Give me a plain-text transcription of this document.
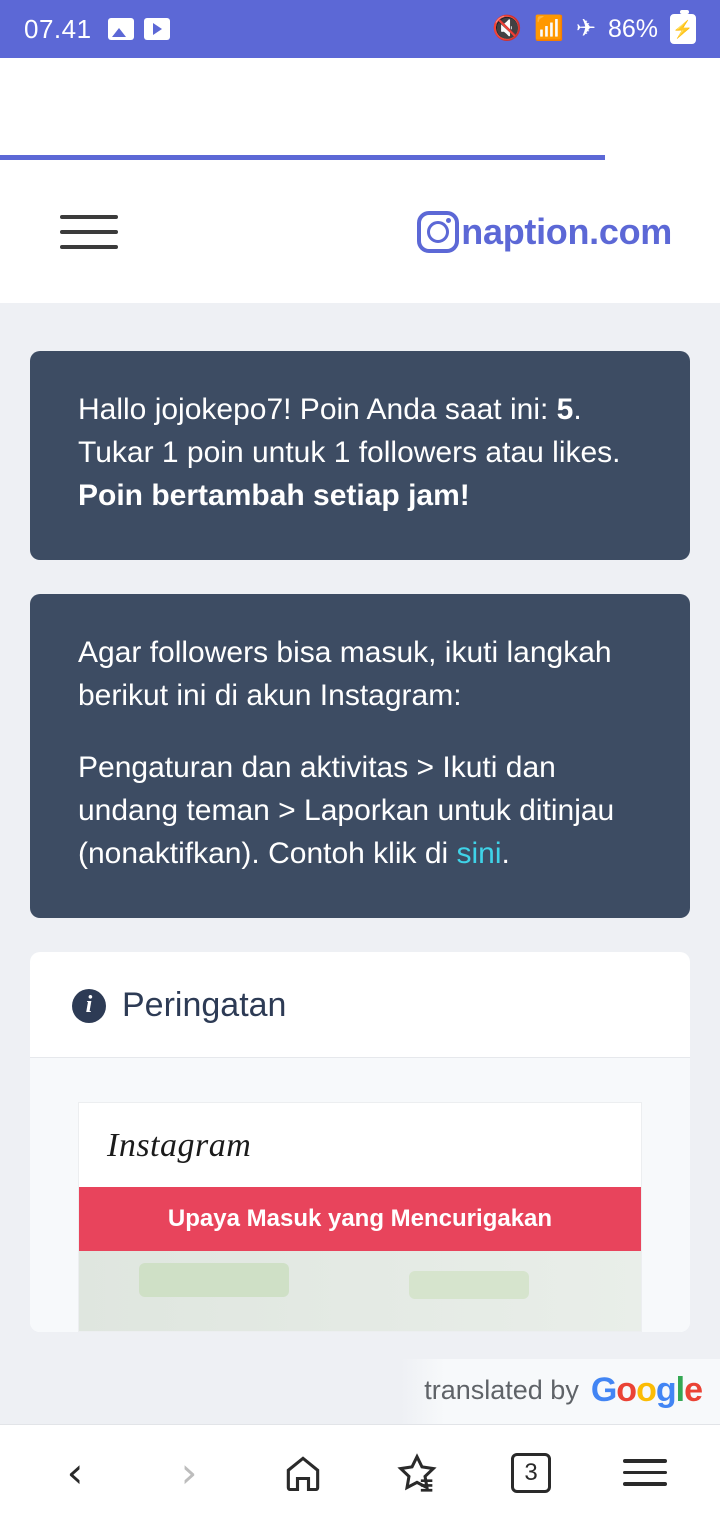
07.41	🔇 📶 ✈ 86% ⚡
naption.com
Hallo jojokepo7! Poin Anda saat ini: 5. Tukar 1 poin untuk 1 followers atau likes. Poin bertambah setiap jam!
Agar followers bisa masuk, ikuti langkah berikut ini di akun Instagram:
Pengaturan dan aktivitas > Ikuti dan undang teman > Laporkan untuk ditinjau (nonaktifkan). Contoh klik di sini.
i Peringatan
Instagram
Upaya Masuk yang Mencurigakan
translated by Google
‹ ›	3
